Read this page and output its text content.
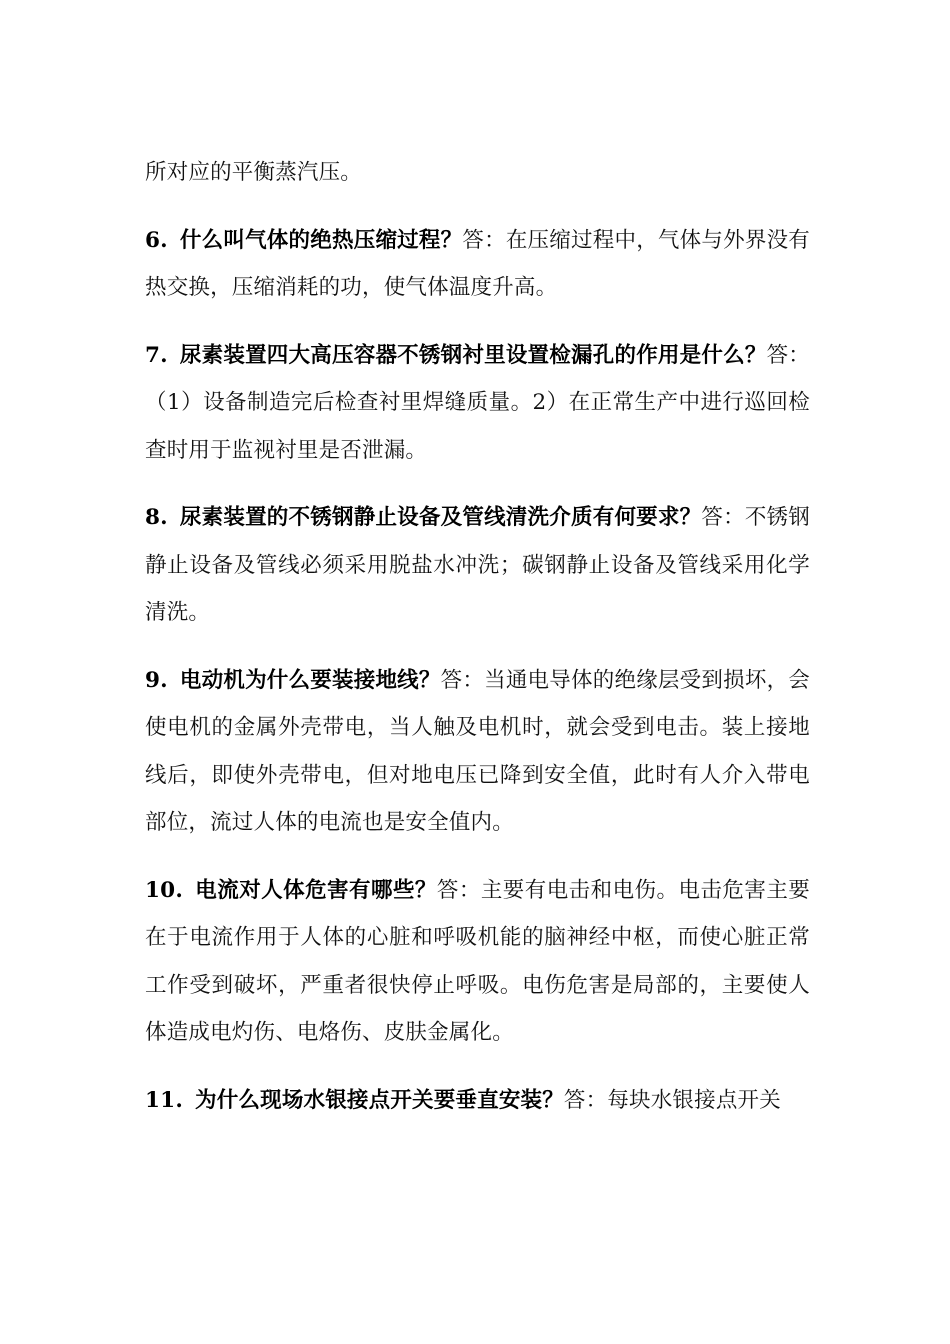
所对应的平衡蒸汽压。

6. 什么叫气体的绝热压缩过程？答：在压缩过程中，气体与外界没有热交换，压缩消耗的功，使气体温度升高。

7. 尿素装置四大高压容器不锈钢衬里设置检漏孔的作用是什么？答：（1）设备制造完后检查衬里焊缝质量。2）在正常生产中进行巡回检查时用于监视衬里是否泄漏。

8. 尿素装置的不锈钢静止设备及管线清洗介质有何要求？答：不锈钢静止设备及管线必须采用脱盐水冲洗；碳钢静止设备及管线采用化学清洗。

9. 电动机为什么要装接地线？答：当通电导体的绝缘层受到损坏，会使电机的金属外壳带电，当人触及电机时，就会受到电击。装上接地线后，即使外壳带电，但对地电压已降到安全值，此时有人介入带电部位，流过人体的电流也是安全值内。

10. 电流对人体危害有哪些？答：主要有电击和电伤。电击危害主要在于电流作用于人体的心脏和呼吸机能的脑神经中枢，而使心脏正常工作受到破坏，严重者很快停止呼吸。电伤危害是局部的，主要使人体造成电灼伤、电烙伤、皮肤金属化。

11. 为什么现场水银接点开关要垂直安装？答：每块水银接点开关
